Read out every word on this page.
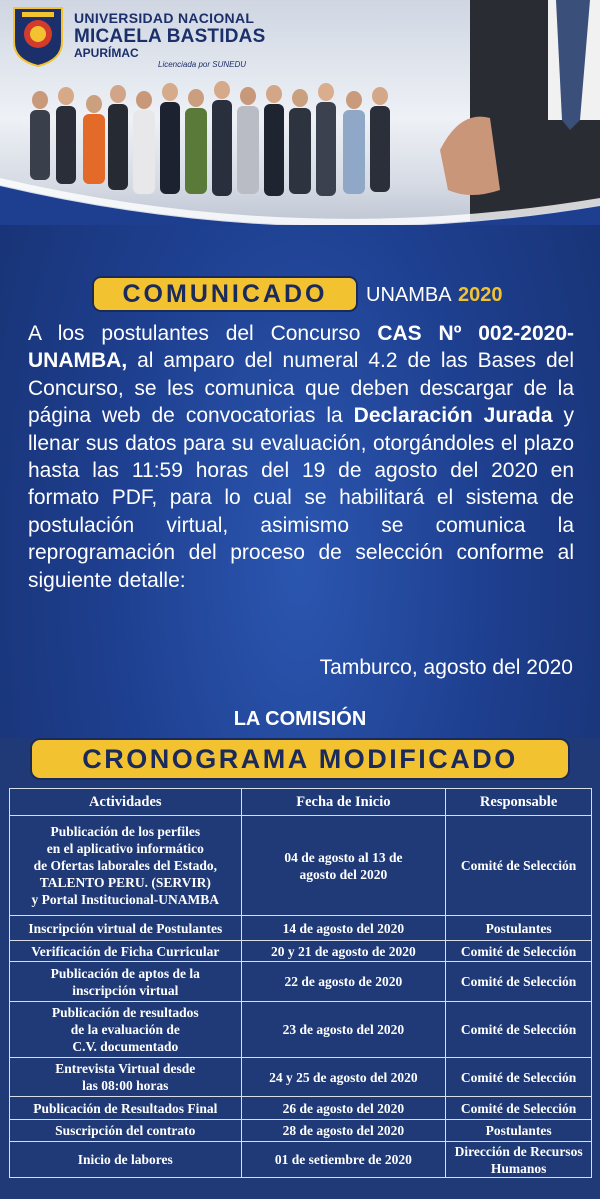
UNIVERSIDAD NACIONAL
MICAELA BASTIDAS
APURÍMAC
Licenciada por SUNEDU
COMUNICADO UNAMBA 2020

A los postulantes del Concurso CAS Nº 002-2020-UNAMBA, al amparo del numeral 4.2 de las Bases del Concurso, se les comunica que deben descargar de la página web de convocatorias la Declaración Jurada y llenar sus datos para su evaluación, otorgándoles el plazo hasta las 11:59 horas del 19 de agosto del 2020 en formato PDF, para lo cual se habilitará el sistema de postulación virtual, asimismo se comunica la reprogramación del proceso de selección conforme al siguiente detalle:

Tamburco, agosto del 2020
LA COMISIÓN
CRONOGRAMA MODIFICADO
Actividades	Fecha de Inicio	Responsable
Publicación de los perfiles
en el aplicativo informático
de Ofertas laborales del Estado,
TALENTO PERU. (SERVIR)
y Portal Institucional-UNAMBA	04 de agosto al 13 de
agosto del 2020	Comité de Selección
Inscripción virtual de Postulantes	14 de agosto del 2020	Postulantes
Verificación de Ficha Curricular	20 y 21 de agosto de 2020	Comité de Selección
Publicación de aptos de la
inscripción virtual	22 de agosto de 2020	Comité de Selección
Publicación de resultados
de la evaluación de
C.V. documentado	23 de agosto del 2020	Comité de Selección
Entrevista Virtual desde
las 08:00 horas	24 y 25 de agosto del 2020	Comité de Selección
Publicación de Resultados Final	26 de agosto del 2020	Comité de Selección
Suscripción del contrato	28 de agosto del 2020	Postulantes
Inicio de labores	01 de setiembre de 2020	Dirección de Recursos
Humanos
